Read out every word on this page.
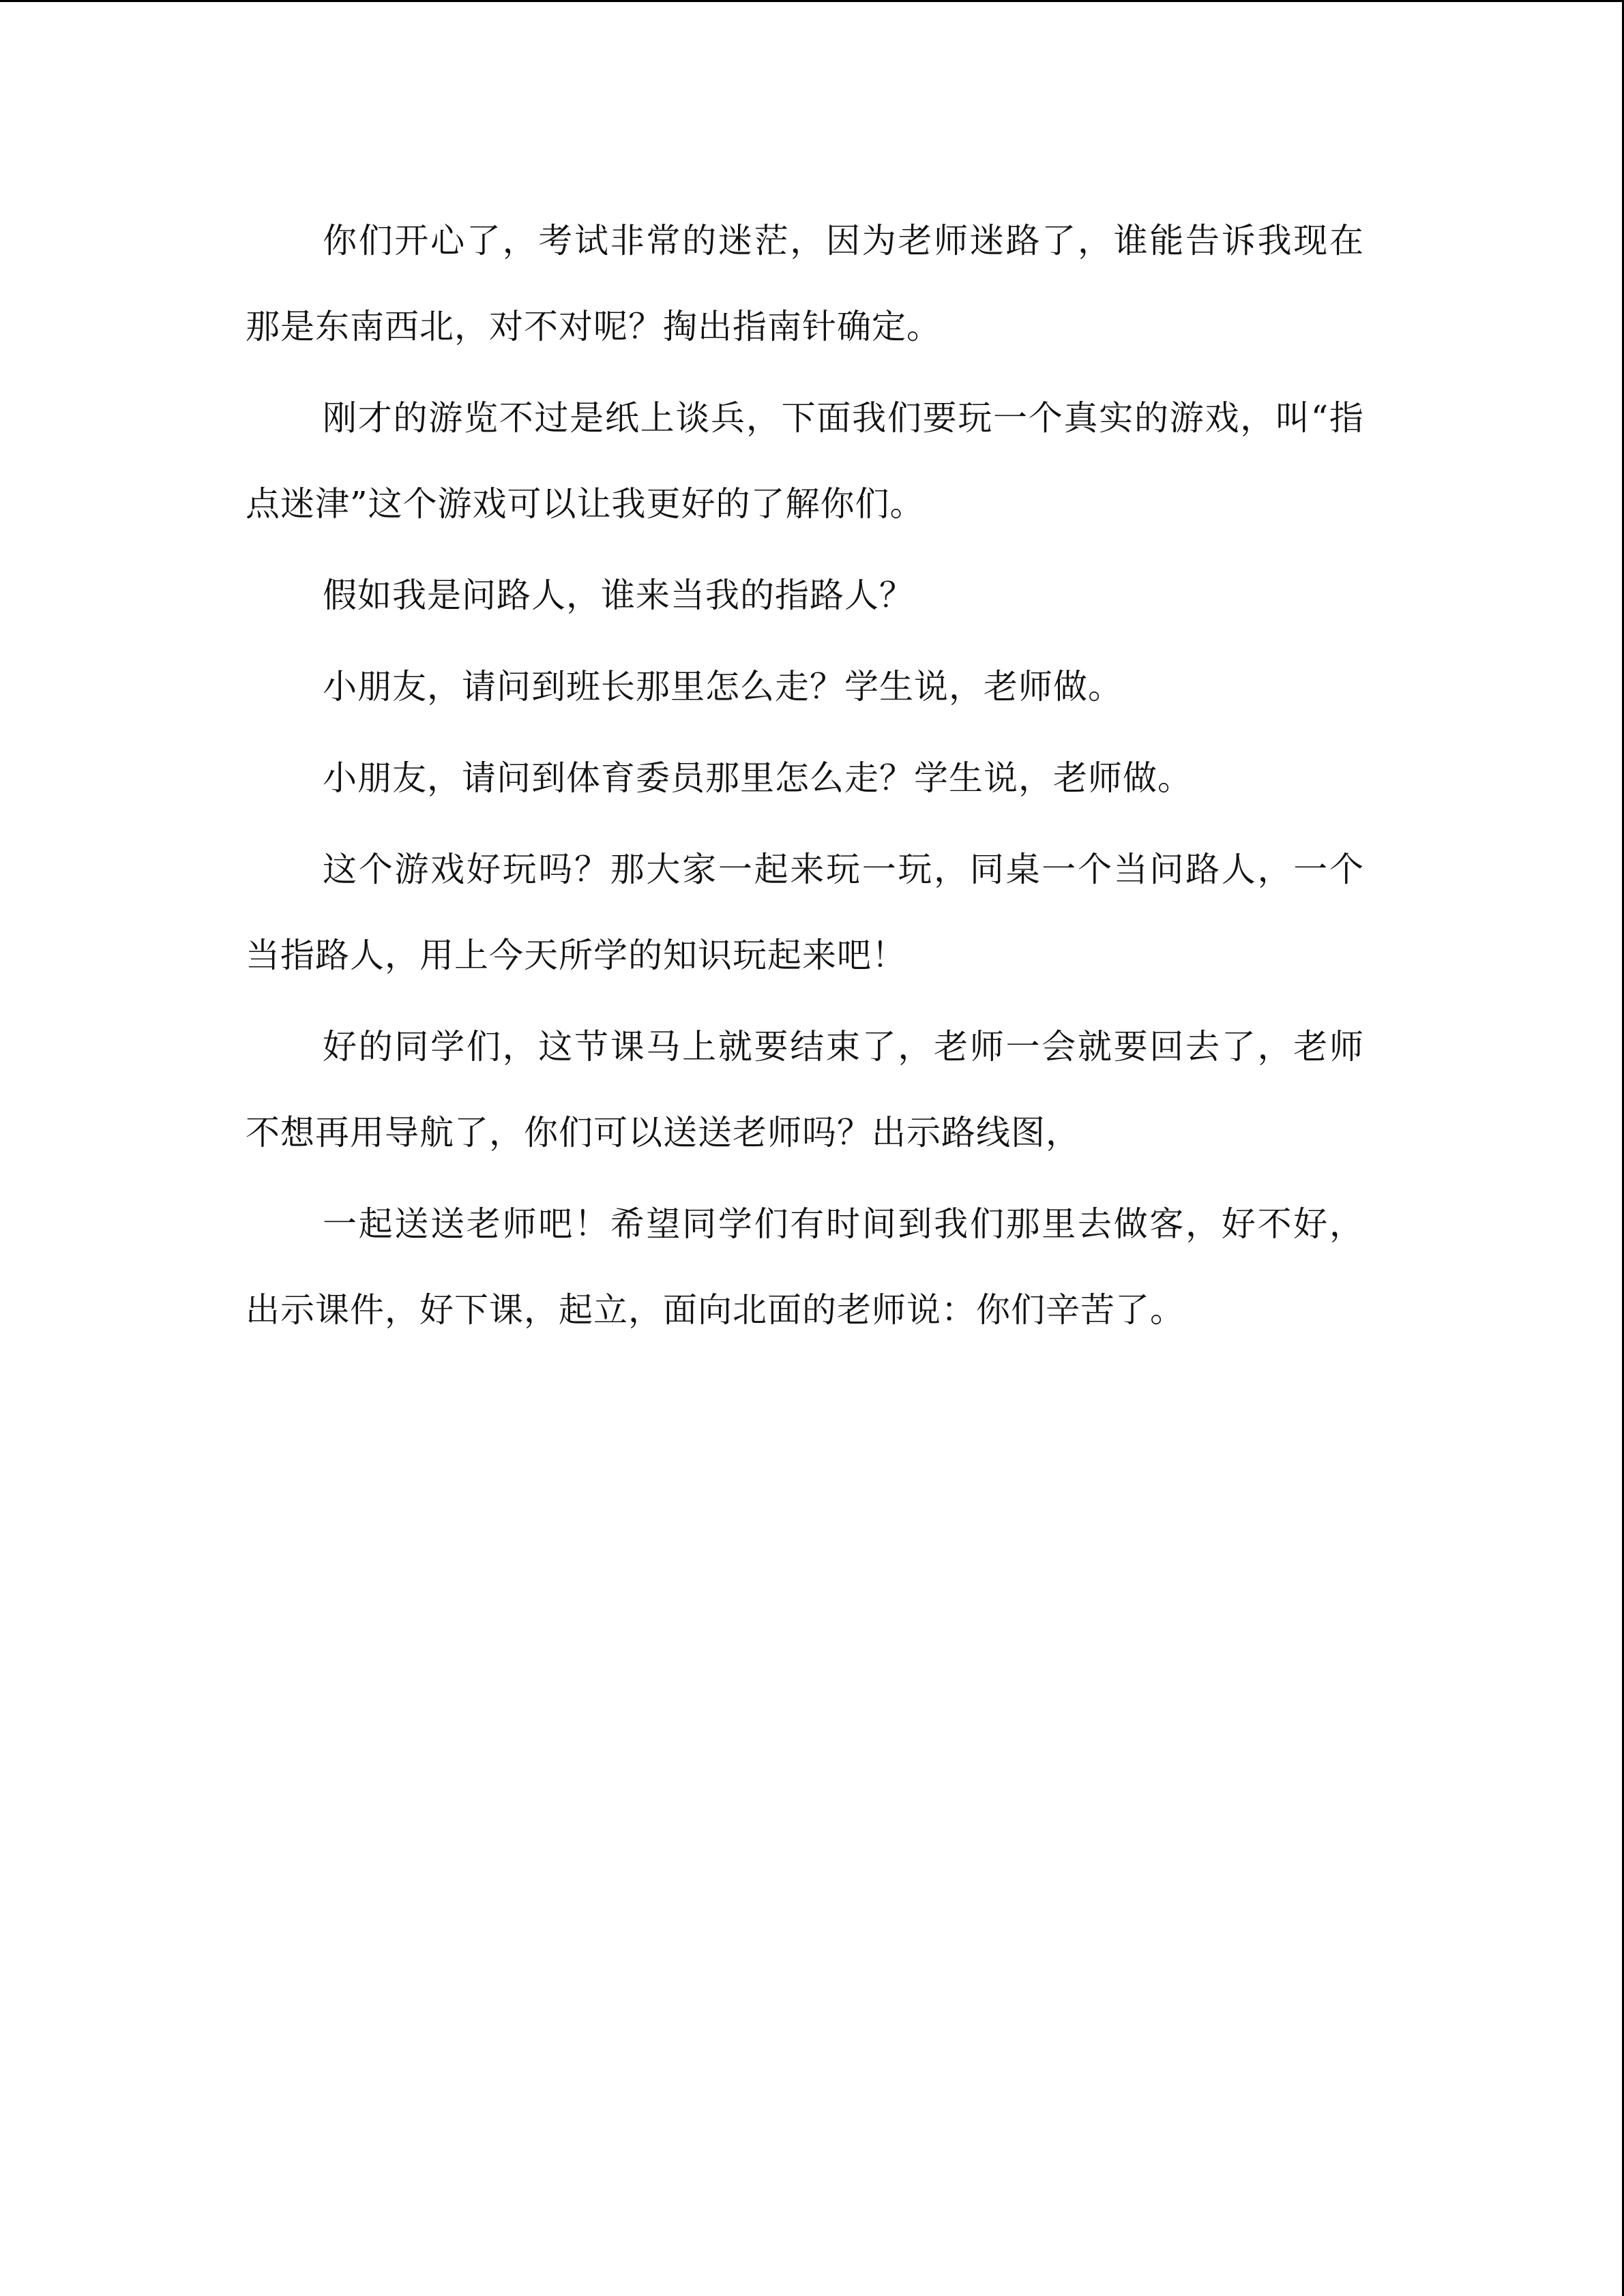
你们开心了，考试非常的迷茫，因为老师迷路了，谁能告诉我现在那是东南西北，对不对呢？掏出指南针确定。

刚才的游览不过是纸上谈兵，下面我们要玩一个真实的游戏，叫“指点迷津”这个游戏可以让我更好的了解你们。

假如我是问路人，谁来当我的指路人？

小朋友，请问到班长那里怎么走？学生说，老师做。

小朋友，请问到体育委员那里怎么走？学生说，老师做。

这个游戏好玩吗？那大家一起来玩一玩，同桌一个当问路人，一个当指路人，用上今天所学的知识玩起来吧！

好的同学们，这节课马上就要结束了，老师一会就要回去了，老师不想再用导航了，你们可以送送老师吗？出示路线图，

一起送送老师吧！希望同学们有时间到我们那里去做客，好不好，出示课件，好下课，起立，面向北面的老师说：你们辛苦了。
